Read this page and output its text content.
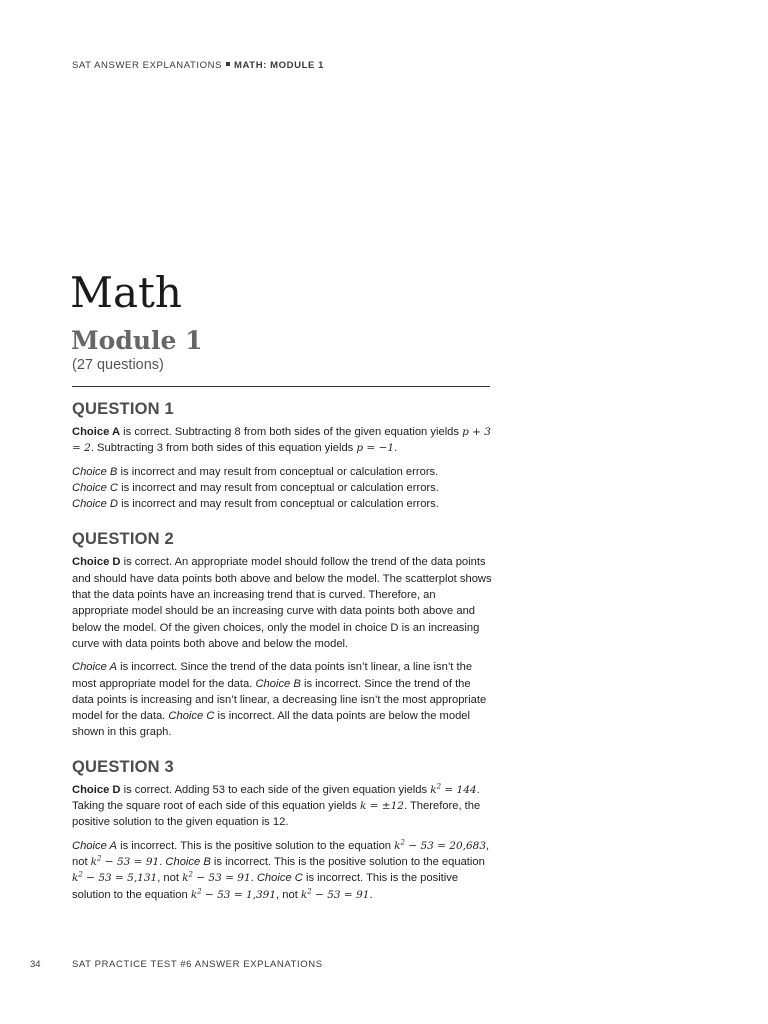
SAT ANSWER EXPLANATIONS MATH: MODULE 1
Math
Module 1
(27 questions)
QUESTION 1

Choice A is correct. Subtracting 8 from both sides of the given equation yields p + 3 = 2. Subtracting 3 from both sides of this equation yields p = −1.

Choice B is incorrect and may result from conceptual or calculation errors.

Choice C is incorrect and may result from conceptual or calculation errors.

Choice D is incorrect and may result from conceptual or calculation errors.

QUESTION 2

Choice D is correct. An appropriate model should follow the trend of the data points and should have data points both above and below the model. The scatterplot shows that the data points have an increasing trend that is curved. Therefore, an appropriate model should be an increasing curve with data points both above and below the model. Of the given choices, only the model in choice D is an increasing curve with data points both above and below the model.

Choice A is incorrect. Since the trend of the data points isn’t linear, a line isn’t the most appropriate model for the data. Choice B is incorrect. Since the trend of the data points is increasing and isn’t linear, a decreasing line isn’t the most appropriate model for the data. Choice C is incorrect. All the data points are below the model shown in this graph.

QUESTION 3

Choice D is correct. Adding 53 to each side of the given equation yields $k^2 = 144$. Taking the square root of each side of this equation yields k = ±12. Therefore, the positive solution to the given equation is 12.

Choice A is incorrect. This is the positive solution to the equation $k^2 - 53 = 20,683$, not $k^2 - 53 = 91$. Choice B is incorrect. This is the positive solution to the equation $k^2 - 53 = 5,131$, not $k^2 - 53 = 91$. Choice C is incorrect. This is the positive solution to the equation $k^2 - 53 = 1,391$, not $k^2 - 53 = 91$.

34	SAT PRACTICE TEST #6 ANSWER EXPLANATIONS
